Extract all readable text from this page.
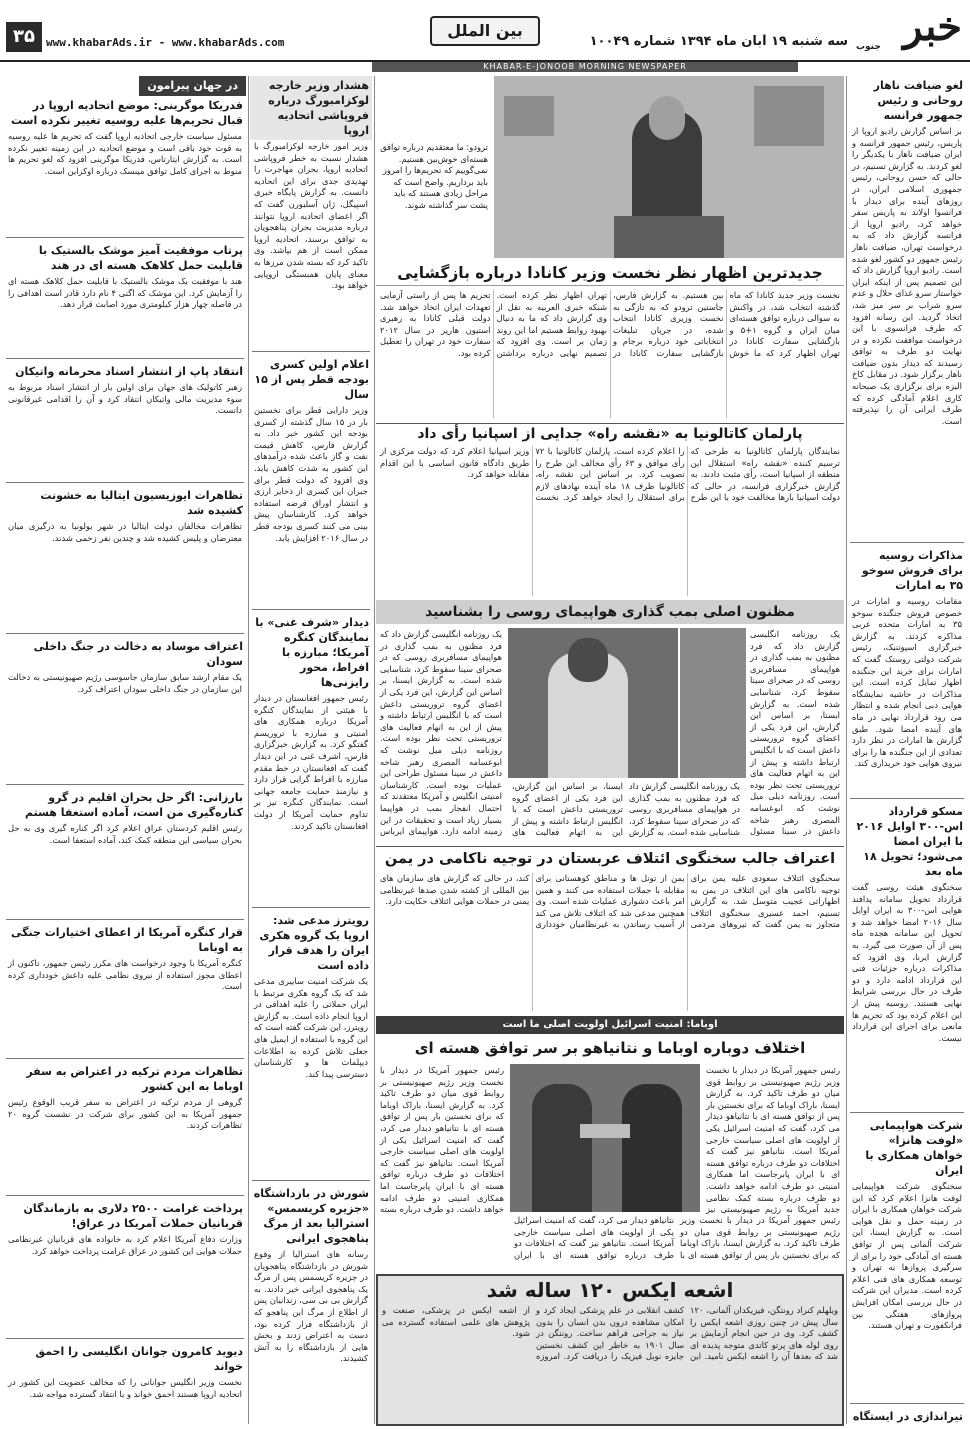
خبر
جنوب
سه شنبه ۱۹ آبان ماه ۱۳۹۴ شماره ۱۰۰۴۹
بین الملل
www.khabarAds.ir - www.khabarAds.com
۳۵
KHABAR-E-JONOOB MORNING NEWSPAPER
لغو ضیافت ناهار روحانی و رئیس جمهور فرانسه
بر اساس گزارش رادیو اروپا از پاریس، رئیس جمهور فرانسه و ایران ضیافت ناهار با یکدیگر را لغو کردند. به گزارش تسنیم، در حالی که حسن روحانی، رئیس جمهوری اسلامی ایران، در روزهای آینده برای دیدار با فرانسوا اولاند به پاریس سفر خواهد کرد، رادیو اروپا از فرانسه گزارش داد که به درخواست تهران، ضیافت ناهار رئیس جمهور دو کشور لغو شده است. رادیو اروپا گزارش داد که این تصمیم پس از اینکه ایران خواستار سرو غذای حلال و عدم سرو شراب بر سر میز شد، اتخاذ گردید. این رسانه افزود که طرف فرانسوی با این درخواست موافقت نکرده و در نهایت دو طرف به توافق رسیدند که دیدار بدون ضیافت ناهار برگزار شود. در مقابل کاخ الیزه برای برگزاری یک صبحانه کاری اعلام آمادگی کرده که طرف ایرانی آن را نپذیرفته است.
مذاکرات روسیه برای فروش سوخو ۳۵ به امارات
مقامات روسیه و امارات در خصوص فروش جنگنده سوخو ۳۵ به امارات متحده عربی مذاکره کردند. به گزارش خبرگزاری اسپوتنیک، رئیس شرکت دولتی روستک گفت که امارات برای خرید این جنگنده اظهار تمایل کرده است. این مذاکرات در حاشیه نمایشگاه هوایی دبی انجام شده و انتظار می رود قرارداد نهایی در ماه های آینده امضا شود. طبق گزارش ها امارات در نظر دارد تعدادی از این جنگنده ها را برای نیروی هوایی خود خریداری کند.
مسکو قرارداد اس-۳۰۰ اوایل ۲۰۱۶ با ایران امضا می‌شود؛ تحویل ۱۸ ماه بعد
سخنگوی هیئت روسی گفت قرارداد تحویل سامانه پدافند هوایی اس-۳۰۰ به ایران اوایل سال ۲۰۱۶ امضا خواهد شد و تحویل این سامانه هجده ماه پس از آن صورت می گیرد. به گزارش ایرنا، وی افزود که مذاکرات درباره جزئیات فنی این قرارداد ادامه دارد و دو طرف در حال بررسی شرایط نهایی هستند. روسیه پیش از این اعلام کرده بود که تحریم ها مانعی برای اجرای این قرارداد نیست.
شرکت هواپیمایی «لوفت هانزا» خواهان همکاری با ایران
سخنگوی شرکت هواپیمایی لوفت هانزا اعلام کرد که این شرکت خواهان همکاری با ایران در زمینه حمل و نقل هوایی است. به گزارش ایسنا، این شرکت آلمانی پس از توافق هسته ای آمادگی خود را برای از سرگیری پروازها به تهران و توسعه همکاری های فنی اعلام کرده است. مدیران این شرکت در حال بررسی امکان افزایش پروازهای هفتگی بین فرانکفورت و تهران هستند.
تیراندازی در ایستگاه
ترودو: ما معتقدیم درباره توافق هسته‌ای خوش‌بین هستیم. نمی‌گوییم که تحریم‌ها را امروز باید برداریم. واضح است که مراحل زیادی هستند که باید پشت سر گذاشته شوند.
جدیدترین اظهار نظر نخست وزیر کانادا درباره بازگشایی
نخست وزیر جدید کانادا که ماه گذشته انتخاب شد، در واکنش به سوالی درباره توافق هسته‌ای میان ایران و گروه ۱+۵ و بازگشایی سفارت کانادا در تهران اظهار کرد که ما خوش بین هستیم. به گزارش فارس، جاستین ترودو که به تازگی به نخست وزیری کانادا انتخاب شده، در جریان تبلیغات انتخاباتی خود درباره برجام و بازگشایی سفارت کانادا در تهران اظهار نظر کرده است. شبکه خبری العربیه به نقل از وی گزارش داد که ما به دنبال بهبود روابط هستیم اما این روند زمان بر است. وی افزود که تصمیم نهایی درباره برداشتن تحریم ها پس از راستی آزمایی تعهدات ایران اتخاذ خواهد شد. دولت قبلی کانادا به رهبری استیون هارپر در سال ۲۰۱۲ سفارت خود در تهران را تعطیل کرده بود.
پارلمان کاتالونیا به «نقشه راه» جدایی از اسپانیا رأی داد
نمایندگان پارلمان کاتالونیا به طرحی که ترسیم کننده «نقشه راه» استقلال این منطقه از اسپانیا است، رأی مثبت دادند. به گزارش خبرگزاری فرانسه، در حالی که دولت اسپانیا بارها مخالفت خود با این طرح را اعلام کرده است، پارلمان کاتالونیا با ۷۲ رأی موافق و ۶۳ رأی مخالف این طرح را تصویب کرد. بر اساس این نقشه راه، کاتالونیا ظرف ۱۸ ماه آینده نهادهای لازم برای استقلال را ایجاد خواهد کرد. نخست وزیر اسپانیا اعلام کرد که دولت مرکزی از طریق دادگاه قانون اساسی با این اقدام مقابله خواهد کرد.
مظنون اصلی بمب گذاری هواپیمای روسی را بشناسید
یک روزنامه انگلیسی گزارش داد که فرد مظنون به بمب گذاری در هواپیمای مسافربری روسی که در صحرای سینا سقوط کرد، شناسایی شده است. به گزارش ایسنا، بر اساس این گزارش، این فرد یکی از اعضای گروه تروریستی داعش است که با انگلیس ارتباط داشته و پیش از این به اتهام فعالیت های تروریستی تحت نظر بوده است. روزنامه دیلی میل نوشت که ابوعسامه المصری رهبر شاخه داعش در سینا مسئول
یک روزنامه انگلیسی گزارش داد که فرد مظنون به بمب گذاری در هواپیمای مسافربری روسی که در صحرای سینا سقوط کرد، شناسایی شده است. به گزارش ایسنا، بر اساس این گزارش، این فرد یکی از اعضای گروه تروریستی داعش است که با انگلیس ارتباط داشته و پیش از این به اتهام فعالیت های تروریستی تحت نظر بوده است. روزنامه دیلی میل نوشت که ابوعسامه المصری رهبر شاخه داعش در سینا مسئول طراحی این عملیات بوده است. کارشناسان امنیتی انگلیس و آمریکا معتقدند که احتمال انفجار بمب در هواپیما بسیار زیاد است و تحقیقات در این زمینه ادامه دارد. هواپیمای ایرباس
یک روزنامه انگلیسی گزارش داد که فرد مظنون به بمب گذاری در هواپیمای مسافربری روسی که در صحرای سینا سقوط کرد، شناسایی شده است. به گزارش ایسنا، بر اساس این گزارش، این فرد یکی از اعضای گروه تروریستی داعش است که با انگلیس ارتباط داشته و پیش از این به اتهام فعالیت های
اعتراف جالب سخنگوی ائتلاف عربستان در توجیه ناکامی در یمن
سخنگوی ائتلاف سعودی علیه یمن برای توجیه ناکامی های این ائتلاف در یمن به اظهاراتی عجیب متوسل شد. به گزارش تسنیم، احمد عسیری سخنگوی ائتلاف متجاوز به یمن گفت که نیروهای مردمی یمن از تونل ها و مناطق کوهستانی برای مقابله با حملات استفاده می کنند و همین امر باعث دشواری عملیات شده است. وی همچنین مدعی شد که ائتلاف تلاش می کند از آسیب رساندن به غیرنظامیان خودداری کند، در حالی که گزارش های سازمان های بین المللی از کشته شدن صدها غیرنظامی یمنی در حملات هوایی ائتلاف حکایت دارد.
اوباما: امنیت اسرائیل اولویت اصلی ما است
اختلاف دوباره اوباما و نتانیاهو بر سر توافق هسته ای
رئیس جمهور آمریکا در دیدار با نخست وزیر رژیم صهیونیستی بر روابط قوی میان دو طرف تاکید کرد. به گزارش ایسنا، باراک اوباما که برای نخستین بار پس از توافق هسته ای با نتانیاهو دیدار می کرد، گفت که امنیت اسرائیل یکی از اولویت های اصلی سیاست خارجی آمریکا است. نتانیاهو نیز گفت که اختلافات دو طرف درباره توافق هسته ای با ایران پابرجاست اما همکاری امنیتی دو طرف ادامه خواهد داشت. دو طرف درباره بسته کمک نظامی جدید آمریکا به رژیم صهیونیستی نیز
رئیس جمهور آمریکا در دیدار با نخست وزیر رژیم صهیونیستی بر روابط قوی میان دو طرف تاکید کرد. به گزارش ایسنا، باراک اوباما که برای نخستین بار پس از توافق هسته ای با نتانیاهو دیدار می کرد، گفت که امنیت اسرائیل یکی از اولویت های اصلی سیاست خارجی آمریکا است. نتانیاهو نیز گفت که اختلافات دو طرف درباره توافق هسته ای با ایران پابرجاست اما همکاری امنیتی دو طرف ادامه خواهد داشت. دو طرف درباره بسته
رئیس جمهور آمریکا در دیدار با نخست وزیر رژیم صهیونیستی بر روابط قوی میان دو طرف تاکید کرد. به گزارش ایسنا، باراک اوباما که برای نخستین بار پس از توافق هسته ای با نتانیاهو دیدار می کرد، گفت که امنیت اسرائیل یکی از اولویت های اصلی سیاست خارجی آمریکا است. نتانیاهو نیز گفت که اختلافات دو طرف درباره توافق هسته ای با ایران
اشعه ایکس ۱۲۰ ساله شد
ویلهلم کنراد رونتگن، فیزیکدان آلمانی، ۱۲۰ سال پیش در چنین روزی اشعه ایکس را کشف کرد. وی در حین انجام آزمایش بر روی لوله های پرتو کاتدی متوجه پدیده ای شد که بعدها آن را اشعه ایکس نامید. این کشف انقلابی در علم پزشکی ایجاد کرد و امکان مشاهده درون بدن انسان را بدون نیاز به جراحی فراهم ساخت. رونتگن در سال ۱۹۰۱ به خاطر این کشف نخستین جایزه نوبل فیزیک را دریافت کرد. امروزه از اشعه ایکس در پزشکی، صنعت و پژوهش های علمی استفاده گسترده می شود.
هشدار وزیر خارجه لوکزامبورگ درباره فروپاشی اتحادیه اروپا
وزیر امور خارجه لوکزامبورگ با هشدار نسبت به خطر فروپاشی اتحادیه اروپا، بحران مهاجرت را تهدیدی جدی برای این اتحادیه دانست. به گزارش پایگاه خبری اسپیگل، ژان آسلبورن گفت که اگر اعضای اتحادیه اروپا نتوانند درباره مدیریت بحران پناهجویان به توافق برسند، اتحادیه اروپا ممکن است از هم بپاشد. وی تاکید کرد که بسته شدن مرزها به معنای پایان همبستگی اروپایی خواهد بود.
اعلام اولین کسری بودجه قطر پس از ۱۵ سال
وزیر دارایی قطر برای نخستین بار در ۱۵ سال گذشته از کسری بودجه این کشور خبر داد. به گزارش فارس، کاهش قیمت نفت و گاز باعث شده درآمدهای این کشور به شدت کاهش یابد. وی افزود که دولت قطر برای جبران این کسری از ذخایر ارزی و انتشار اوراق قرضه استفاده خواهد کرد. کارشناسان پیش بینی می کنند کسری بودجه قطر در سال ۲۰۱۶ افزایش یابد.
دیدار «شرف غنی» با نمایندگان کنگره آمریکا؛ مبارزه با افراط، محور رایزنی‌ها
رئیس جمهور افغانستان در دیدار با هیئتی از نمایندگان کنگره آمریکا درباره همکاری های امنیتی و مبارزه با تروریسم گفتگو کرد. به گزارش خبرگزاری فارس، اشرف غنی در این دیدار گفت که افغانستان در خط مقدم مبارزه با افراط گرایی قرار دارد و نیازمند حمایت جامعه جهانی است. نمایندگان کنگره نیز بر تداوم حمایت آمریکا از دولت افغانستان تاکید کردند.
رویترز مدعی شد: اروپا یک گروه هکری ایران را هدف قرار داده است
یک شرکت امنیت سایبری مدعی شد که یک گروه هکری مرتبط با ایران حملاتی را علیه اهدافی در اروپا انجام داده است. به گزارش رویترز، این شرکت گفته است که این گروه با استفاده از ایمیل های جعلی تلاش کرده به اطلاعات دیپلمات ها و کارشناسان دسترسی پیدا کند.
شورش در بازداشتگاه «جزیره کریسمس» استرالیا بعد از مرگ پناهجوی ایرانی
رسانه های استرالیا از وقوع شورش در بازداشتگاه پناهجویان در جزیره کریسمس پس از مرگ یک پناهجوی ایرانی خبر دادند. به گزارش بی بی سی، زندانیان پس از اطلاع از مرگ این پناهجو که از بازداشتگاه فرار کرده بود، دست به اعتراض زدند و بخش هایی از بازداشتگاه را به آتش کشیدند.
در جهان پیرامون
فدریکا موگرینی: موضع اتحادیه اروپا در قبال تحریم‌ها علیه روسیه تغییر نکرده است
مسئول سیاست خارجی اتحادیه اروپا گفت که تحریم ها علیه روسیه به قوت خود باقی است و موضع اتحادیه در این زمینه تغییر نکرده است. به گزارش ایتارتاس، فدریکا موگرینی افزود که لغو تحریم ها منوط به اجرای کامل توافق مینسک درباره اوکراین است.
پرتاب موفقیت آمیز موشک بالستیک با قابلیت حمل کلاهک هسته ای در هند
هند با موفقیت یک موشک بالستیک با قابلیت حمل کلاهک هسته ای را آزمایش کرد. این موشک که اگنی ۴ نام دارد قادر است اهدافی را در فاصله چهار هزار کیلومتری مورد اصابت قرار دهد.
انتقاد پاپ از انتشار اسناد محرمانه واتیکان
رهبر کاتولیک های جهان برای اولین بار از انتشار اسناد مربوط به سوء مدیریت مالی واتیکان انتقاد کرد و آن را اقدامی غیرقانونی دانست.
تظاهرات ایوزیسیون ایتالیا به خشونت کشیده شد
تظاهرات مخالفان دولت ایتالیا در شهر بولونیا به درگیری میان معترضان و پلیس کشیده شد و چندین نفر زخمی شدند.
اعتراف موساد به دخالت در جنگ داخلی سودان
یک مقام ارشد سابق سازمان جاسوسی رژیم صهیونیستی به دخالت این سازمان در جنگ داخلی سودان اعتراف کرد.
بارزانی: اگر حل بحران اقلیم در گرو کناره‌گیری من است، آماده استعفا هستم
رئیس اقلیم کردستان عراق اعلام کرد اگر کناره گیری وی به حل بحران سیاسی این منطقه کمک کند، آماده استعفا است.
قرار کنگره آمریکا از اعطای اختیارات جنگی به اوباما
کنگره آمریکا با وجود درخواست های مکرر رئیس جمهور، تاکنون از اعطای مجوز استفاده از نیروی نظامی علیه داعش خودداری کرده است.
تظاهرات مردم ترکیه در اعتراض به سفر اوباما به این کشور
گروهی از مردم ترکیه در اعتراض به سفر قریب الوقوع رئیس جمهور آمریکا به این کشور برای شرکت در نشست گروه ۲۰ تظاهرات کردند.
پرداخت غرامت ۲۵۰۰ دلاری به بازماندگان قربانیان حملات آمریکا در عراق!
وزارت دفاع آمریکا اعلام کرد به خانواده های قربانیان غیرنظامی حملات هوایی این کشور در عراق غرامت پرداخت خواهد کرد.
دیوید کامرون جوانان انگلیسی را احمق خواند
نخست وزیر انگلیس جوانانی را که مخالف عضویت این کشور در اتحادیه اروپا هستند احمق خواند و با انتقاد گسترده مواجه شد.
